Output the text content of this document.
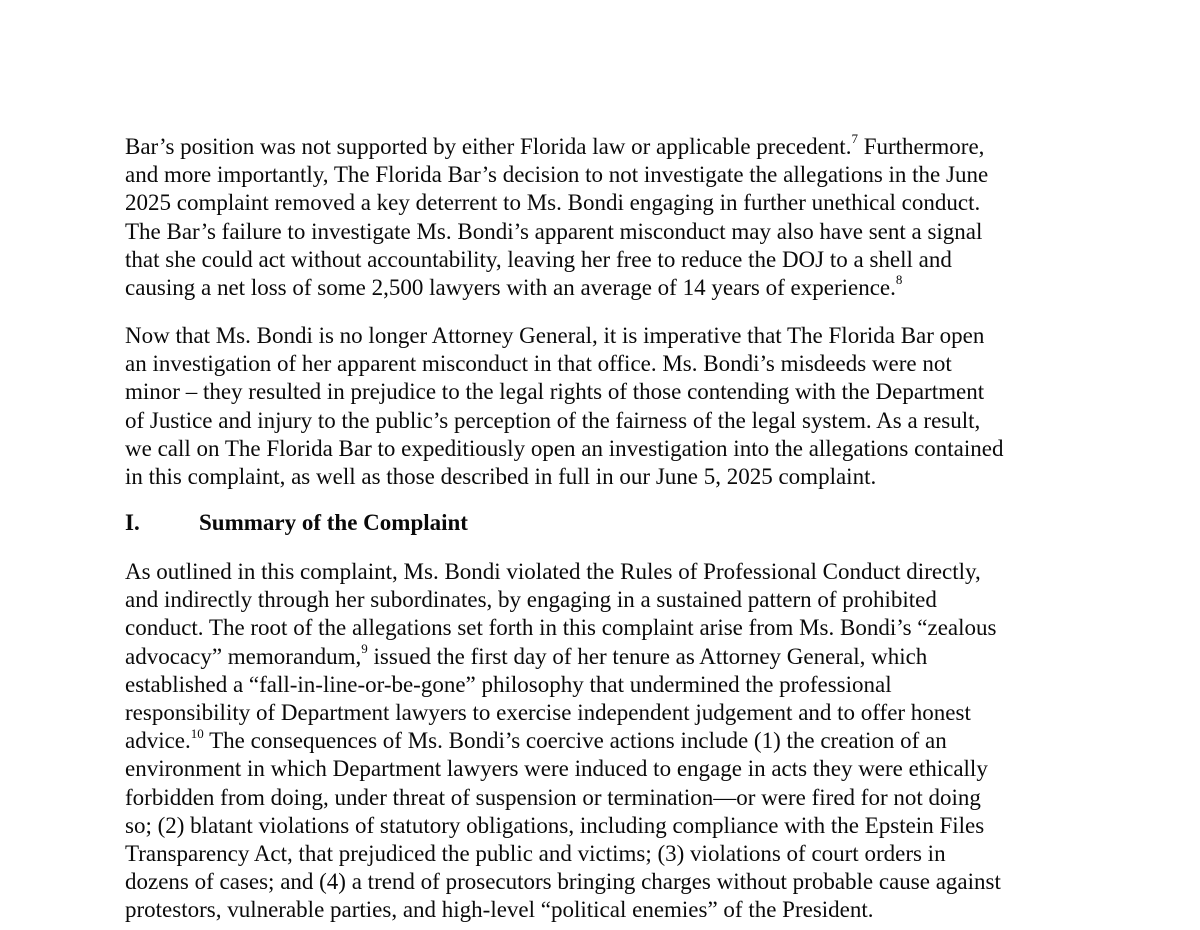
Bar’s position was not supported by either Florida law or applicable precedent.$^7$ Furthermore,
and more importantly, The Florida Bar’s decision to not investigate the allegations in the June
2025 complaint removed a key deterrent to Ms. Bondi engaging in further unethical conduct.
The Bar’s failure to investigate Ms. Bondi’s apparent misconduct may also have sent a signal
that she could act without accountability, leaving her free to reduce the DOJ to a shell and
causing a net loss of some 2,500 lawyers with an average of 14 years of experience.$^8$
Now that Ms. Bondi is no longer Attorney General, it is imperative that The Florida Bar open
an investigation of her apparent misconduct in that office. Ms. Bondi’s misdeeds were not
minor – they resulted in prejudice to the legal rights of those contending with the Department
of Justice and injury to the public’s perception of the fairness of the legal system. As a result,
we call on The Florida Bar to expeditiously open an investigation into the allegations contained
in this complaint, as well as those described in full in our June 5, 2025 complaint.
I.	Summary of the Complaint
As outlined in this complaint, Ms. Bondi violated the Rules of Professional Conduct directly,
and indirectly through her subordinates, by engaging in a sustained pattern of prohibited
conduct. The root of the allegations set forth in this complaint arise from Ms. Bondi’s “zealous
advocacy” memorandum,$^9$ issued the first day of her tenure as Attorney General, which
established a “fall-in-line-or-be-gone” philosophy that undermined the professional
responsibility of Department lawyers to exercise independent judgement and to offer honest
advice.$^{10}$ The consequences of Ms. Bondi’s coercive actions include (1) the creation of an
environment in which Department lawyers were induced to engage in acts they were ethically
forbidden from doing, under threat of suspension or termination—or were fired for not doing
so; (2) blatant violations of statutory obligations, including compliance with the Epstein Files
Transparency Act, that prejudiced the public and victims; (3) violations of court orders in
dozens of cases; and (4) a trend of prosecutors bringing charges without probable cause against
protestors, vulnerable parties, and high-level “political enemies” of the President.
